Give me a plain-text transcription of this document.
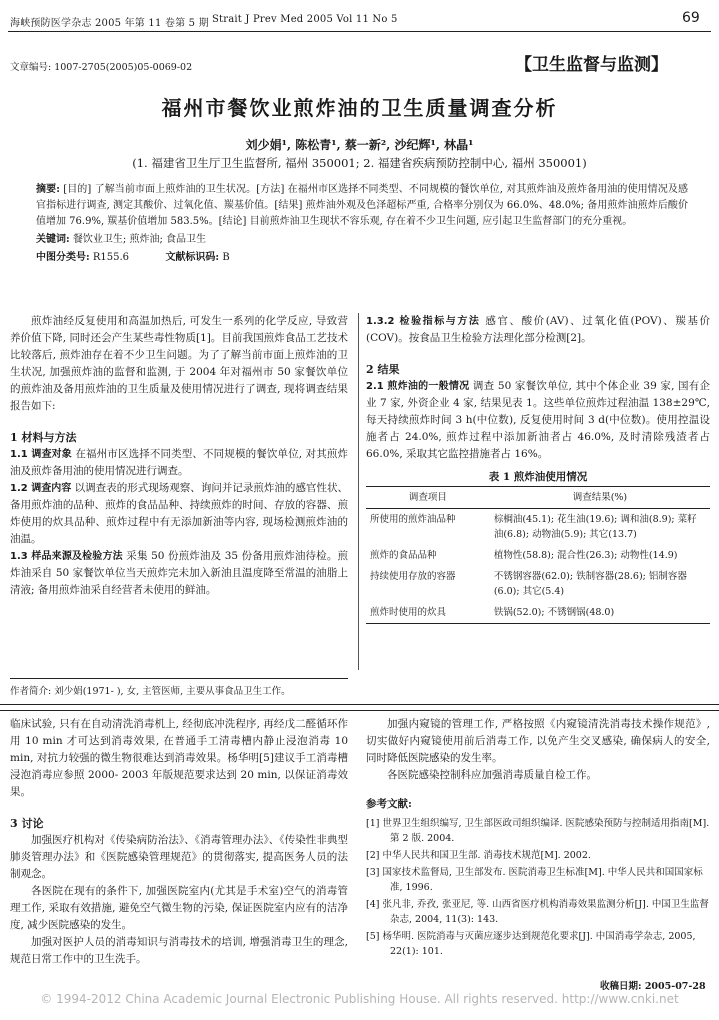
海峡预防医学杂志 2005 年第 11 卷第 5 期 Strait J Prev Med 2005 Vol 11 No 5	69
文章编号: 1007-2705(2005)05-0069-02	【卫生监督与监测】
福州市餐饮业煎炸油的卫生质量调查分析
刘少娟¹, 陈松青¹, 蔡一新², 沙纪辉¹, 林晶¹
(1. 福建省卫生厅卫生监督所, 福州 350001; 2. 福建省疾病预防控制中心, 福州 350001)

摘要: [目的] 了解当前市面上煎炸油的卫生状况。[方法] 在福州市区选择不同类型、不同规模的餐饮单位, 对其煎炸油及煎炸备用油的使用情况及感官指标进行调查, 测定其酸价、过氧化值、羰基价值。[结果] 煎炸油外观及色泽超标严重, 合格率分别仅为 66.0%、48.0%; 备用煎炸油煎炸后酸价值增加 76.9%, 羰基价值增加 583.5%。[结论] 目前煎炸油卫生现状不容乐观, 存在着不少卫生问题, 应引起卫生监督部门的充分重视。

关键词: 餐饮业卫生; 煎炸油; 食品卫生

中图分类号: R155.6	文献标识码: B

煎炸油经反复使用和高温加热后, 可发生一系列的化学反应, 导致营养价值下降, 同时还会产生某些毒性物质[1]。目前我国煎炸食品工艺技术比较落后, 煎炸油存在着不少卫生问题。为了了解当前市面上煎炸油的卫生状况, 加强煎炸油的监督和监测, 于 2004 年对福州市 50 家餐饮单位的煎炸油及备用煎炸油的卫生质量及使用情况进行了调查, 现将调查结果报告如下:

1 材料与方法

1.1 调查对象 在福州市区选择不同类型、不同规模的餐饮单位, 对其煎炸油及煎炸备用油的使用情况进行调查。

1.2 调查内容 以调查表的形式现场观察、询问并记录煎炸油的感官性状、备用煎炸油的品种、煎炸的食品品种、持续煎炸的时间、存放的容器、煎炸使用的炊具品种、煎炸过程中有无添加新油等内容, 现场检测煎炸油的油温。

1.3 样品来源及检验方法 采集 50 份煎炸油及 35 份备用煎炸油待检。煎炸油采自 50 家餐饮单位当天煎炸完未加入新油且温度降至常温的油脂上清液; 备用煎炸油采自经营者未使用的鲜油。

1.3.2 检验指标与方法 感官、酸价(AV)、过氧化值(POV)、羰基价(COV)。按食品卫生检验方法理化部分检测[2]。

2 结果

2.1 煎炸油的一般情况 调查 50 家餐饮单位, 其中个体企业 39 家, 国有企业 7 家, 外资企业 4 家, 结果见表 1。这些单位煎炸过程油温 138±29℃, 每天持续煎炸时间 3 h(中位数), 反复使用时间 3 d(中位数)。使用控温设施者占 24.0%, 煎炸过程中添加新油者占 46.0%, 及时清除残渣者占 66.0%, 采取其它监控措施者占 16%。

表 1 煎炸油使用情况
调查项目	调查结果(%)
所使用的煎炸油品种	棕榈油(45.1); 花生油(19.6); 调和油(8.9); 菜籽油(6.8); 动物油(5.9); 其它(13.7)
煎炸的食品品种	植物性(58.8); 混合性(26.3); 动物性(14.9)
持续使用存放的容器	不锈钢容器(62.0); 铁制容器(28.6); 铝制容器(6.0); 其它(5.4)
煎炸时使用的炊具	铁锅(52.0); 不锈钢锅(48.0)
作者简介: 刘少娟(1971- ), 女, 主管医师, 主要从事食品卫生工作。

临床试验, 只有在自动清洗消毒机上, 经彻底冲洗程序, 再经戊二醛循环作用 10 min 才可达到消毒效果, 在普通手工清毒槽内静止浸泡消毒 10 min, 对抗力较强的微生物很难达到消毒效果。杨华明[5]建议手工消毒槽浸泡消毒应参照 2000- 2003 年版规范要求达到 20 min, 以保证消毒效果。

3 讨论

加强医疗机构对《传染病防治法》、《消毒管理办法》、《传染性非典型肺炎管理办法》和《医院感染管理规范》的贯彻落实, 提高医务人员的法制观念。

各医院在现有的条件下, 加强医院室内(尤其是手术室)空气的消毒管理工作, 采取有效措施, 避免空气微生物的污染, 保证医院室内应有的洁净度, 减少医院感染的发生。

加强对医护人员的消毒知识与消毒技术的培训, 增强消毒卫生的理念, 规范日常工作中的卫生洗手。

加强内窥镜的管理工作, 严格按照《内窥镜清洗消毒技术操作规范》, 切实做好内窥镜使用前后消毒工作, 以免产生交叉感染, 确保病人的安全, 同时降低医院感染的发生率。

各医院感染控制科应加强消毒质量自检工作。

参考文献:

[1] 世界卫生组织编写, 卫生部医政司组织编译. 医院感染预防与控制适用指南[M]. 第 2 版. 2004.

[2] 中华人民共和国卫生部. 消毒技术规范[M]. 2002.

[3] 国家技术监督局, 卫生部发布. 医院消毒卫生标准[M]. 中华人民共和国国家标准, 1996.

[4] 张凡非, 乔孜, 张亚尼, 等. 山西省医疗机构消毒效果监测分析[J]. 中国卫生监督杂志, 2004, 11(3): 143.

[5] 杨华明. 医院消毒与灭菌应逐步达到规范化要求[J]. 中国消毒学杂志, 2005, 22(1): 101.

收稿日期: 2005-07-28
© 1994-2012 China Academic Journal Electronic Publishing House. All rights reserved. http://www.cnki.net
